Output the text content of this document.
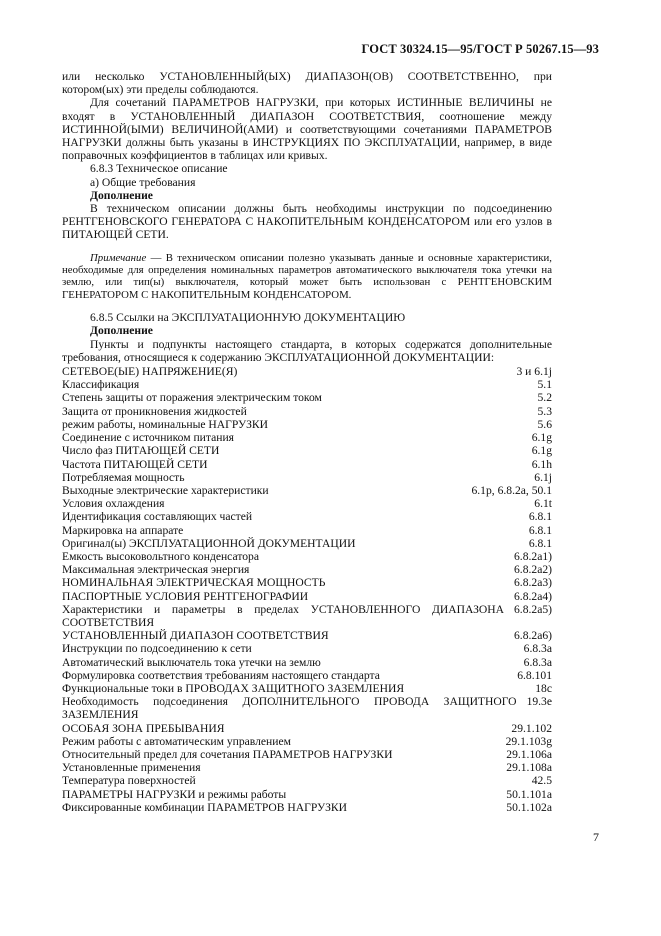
ГОСТ 30324.15—95/ГОСТ Р 50267.15—93

или несколько УСТАНОВЛЕННЫЙ(ЫХ) ДИАПАЗОН(ОВ) СООТВЕТСТВЕННО, при котором(ых) эти пределы соблюдаются.

Для сочетаний ПАРАМЕТРОВ НАГРУЗКИ, при которых ИСТИННЫЕ ВЕЛИЧИНЫ не входят в УСТАНОВЛЕННЫЙ ДИАПАЗОН СООТВЕТСТВИЯ, соотношение между ИСТИННОЙ(ЫМИ) ВЕЛИЧИНОЙ(АМИ) и соответствующими сочетаниями ПАРАМЕТРОВ НАГРУЗКИ должны быть указаны в ИНСТРУКЦИЯХ ПО ЭКСПЛУАТАЦИИ, например, в виде поправочных коэффициентов в таблицах или кривых.

6.8.3 Техническое описание

а) Общие требования

Дополнение

В техническом описании должны быть необходимы инструкции по подсоединению РЕНТГЕНОВСКОГО ГЕНЕРАТОРА С НАКОПИТЕЛЬНЫМ КОНДЕНСАТОРОМ или его узлов в ПИТАЮЩЕЙ СЕТИ.

Примечание — В техническом описании полезно указывать данные и основные характеристики, необходимые для определения номинальных параметров автоматического выключателя тока утечки на землю, или тип(ы) выключателя, который может быть использован с РЕНТГЕНОВСКИМ ГЕНЕРАТОРОМ С НАКОПИТЕЛЬНЫМ КОНДЕНСАТОРОМ.

6.8.5 Ссылки на ЭКСПЛУАТАЦИОННУЮ ДОКУМЕНТАЦИЮ

Дополнение

Пункты и подпункты настоящего стандарта, в которых содержатся дополнительные требования, относящиеся к содержанию ЭКСПЛУАТАЦИОННОЙ ДОКУМЕНТАЦИИ:

СЕТЕВОЕ(ЫЕ) НАПРЯЖЕНИЕ(Я)	3 и 6.1j
Классификация	5.1
Степень защиты от поражения электрическим током	5.2
Защита от проникновения жидкостей	5.3
режим работы, номинальные НАГРУЗКИ	5.6
Соединение с источником питания	6.1g
Число фаз ПИТАЮЩЕЙ СЕТИ	6.1g
Частота ПИТАЮЩЕЙ СЕТИ	6.1h
Потребляемая мощность	6.1j
Выходные электрические характеристики	6.1p, 6.8.2a, 50.1
Условия охлаждения	6.1t
Идентификация составляющих частей	6.8.1
Маркировка на аппарате	6.8.1
Оригинал(ы) ЭКСПЛУАТАЦИОННОЙ ДОКУМЕНТАЦИИ	6.8.1
Емкость высоковольтного конденсатора	6.8.2a1)
Максимальная электрическая энергия	6.8.2a2)
НОМИНАЛЬНАЯ ЭЛЕКТРИЧЕСКАЯ МОЩНОСТЬ	6.8.2a3)
ПАСПОРТНЫЕ УСЛОВИЯ РЕНТГЕНОГРАФИИ	6.8.2a4)
Характеристики и параметры в пределах УСТАНОВЛЕННОГО ДИАПАЗОНА СООТВЕТСТВИЯ
6.8.2a5)
УСТАНОВЛЕННЫЙ ДИАПАЗОН СООТВЕТСТВИЯ	6.8.2a6)
Инструкции по подсоединению к сети	6.8.3a
Автоматический выключатель тока утечки на землю	6.8.3a
Формулировка соответствия требованиям настоящего стандарта	6.8.101
Функциональные токи в ПРОВОДАХ ЗАЩИТНОГО ЗАЗЕМЛЕНИЯ	18c
Необходимость подсоединения ДОПОЛНИТЕЛЬНОГО ПРОВОДА ЗАЩИТНОГО ЗАЗЕМЛЕНИЯ
19.3e
ОСОБАЯ ЗОНА ПРЕБЫВАНИЯ	29.1.102
Режим работы с автоматическим управлением	29.1.103g
Относительный предел для сочетания ПАРАМЕТРОВ НАГРУЗКИ	29.1.106a
Установленные применения	29.1.108a
Температура поверхностей	42.5
ПАРАМЕТРЫ НАГРУЗКИ и режимы работы	50.1.101a
Фиксированные комбинации ПАРАМЕТРОВ НАГРУЗКИ	50.1.102a
7
